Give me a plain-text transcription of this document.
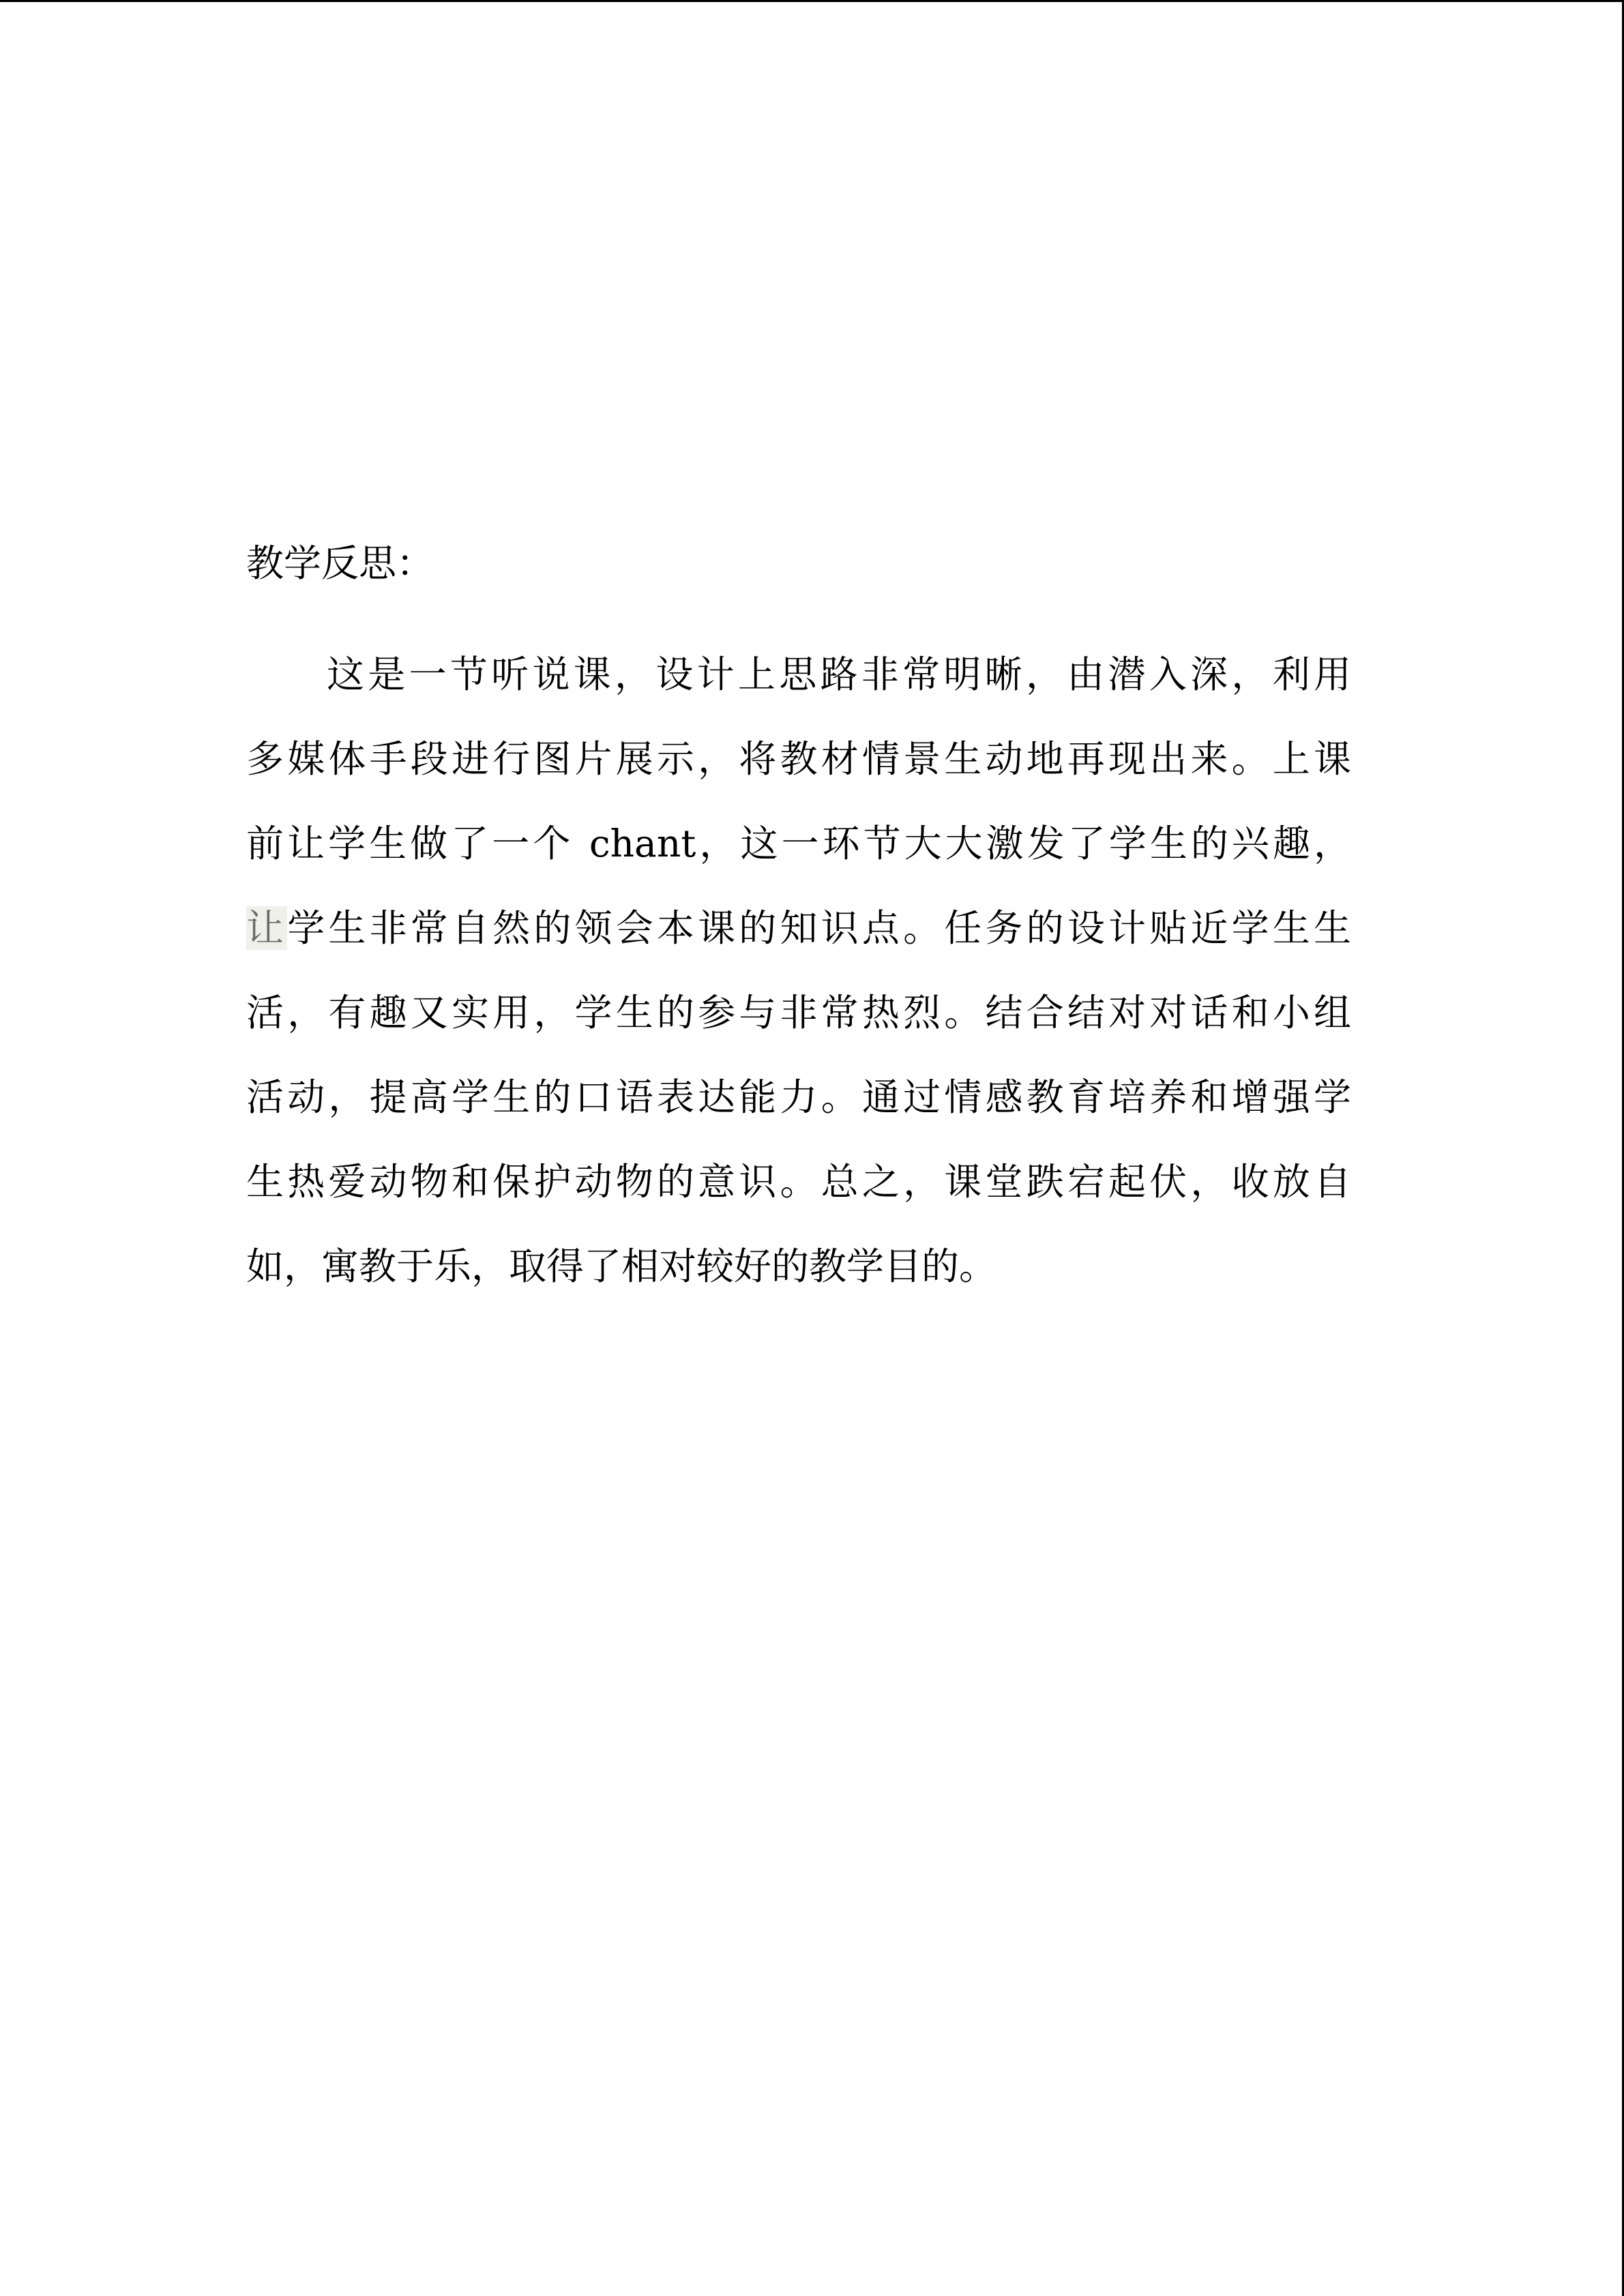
教学反思：
这是一节听说课，设计上思路非常明晰，由潜入深，利用
多媒体手段进行图片展示，将教材情景生动地再现出来。上课
前让学生做了一个 chant，这一环节大大激发了学生的兴趣，
让学生非常自然的领会本课的知识点。任务的设计贴近学生生
活，有趣又实用，学生的参与非常热烈。结合结对对话和小组
活动，提高学生的口语表达能力。通过情感教育培养和增强学
生热爱动物和保护动物的意识。总之，课堂跌宕起伏，收放自
如，寓教于乐，取得了相对较好的教学目的。
